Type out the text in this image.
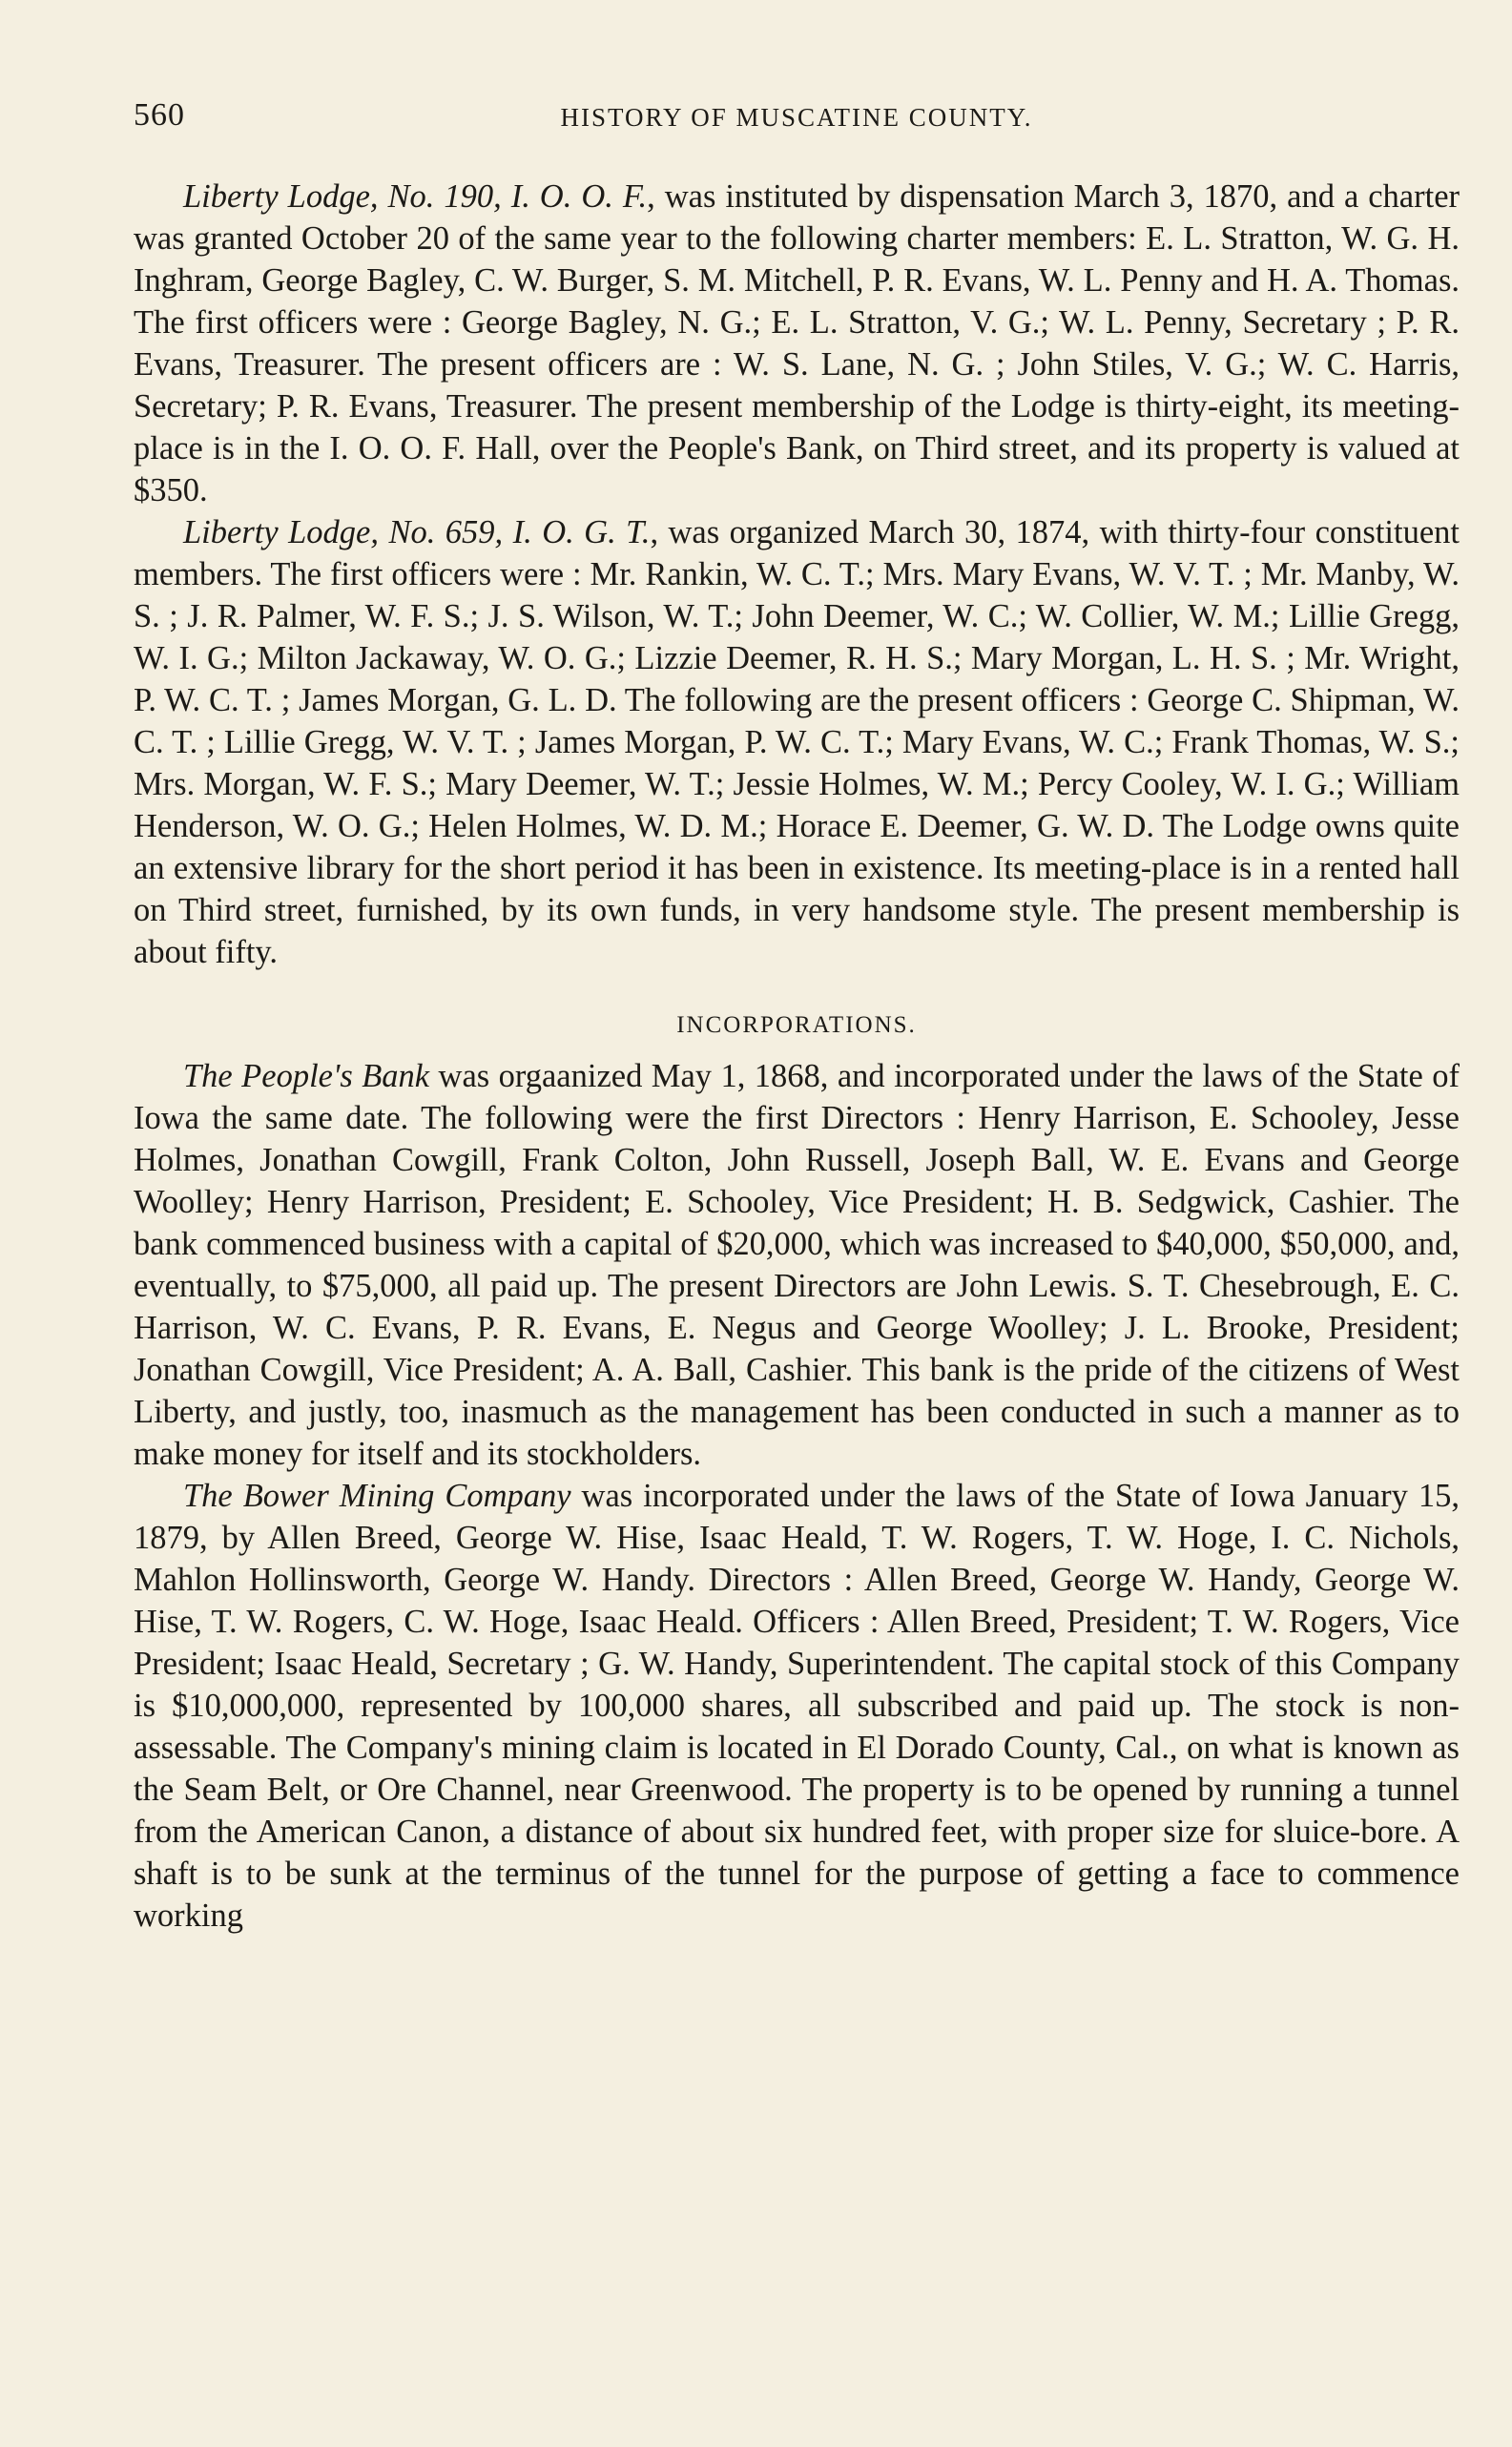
560	HISTORY OF MUSCATINE COUNTY.

Liberty Lodge, No. 190, I. O. O. F., was instituted by dispensation March 3, 1870, and a charter was granted October 20 of the same year to the following charter members: E. L. Stratton, W. G. H. Inghram, George Bagley, C. W. Burger, S. M. Mitchell, P. R. Evans, W. L. Penny and H. A. Thomas. The first officers were : George Bagley, N. G.; E. L. Stratton, V. G.; W. L. Penny, Secretary ; P. R. Evans, Treasurer. The present officers are : W. S. Lane, N. G. ; John Stiles, V. G.; W. C. Harris, Secretary; P. R. Evans, Treasurer. The present membership of the Lodge is thirty-eight, its meeting-place is in the I. O. O. F. Hall, over the People's Bank, on Third street, and its property is valued at $350.

Liberty Lodge, No. 659, I. O. G. T., was organized March 30, 1874, with thirty-four constituent members. The first officers were : Mr. Rankin, W. C. T.; Mrs. Mary Evans, W. V. T. ; Mr. Manby, W. S. ; J. R. Palmer, W. F. S.; J. S. Wilson, W. T.; John Deemer, W. C.; W. Collier, W. M.; Lillie Gregg, W. I. G.; Milton Jackaway, W. O. G.; Lizzie Deemer, R. H. S.; Mary Morgan, L. H. S. ; Mr. Wright, P. W. C. T. ; James Morgan, G. L. D. The following are the present officers : George C. Shipman, W. C. T. ; Lillie Gregg, W. V. T. ; James Morgan, P. W. C. T.; Mary Evans, W. C.; Frank Thomas, W. S.; Mrs. Morgan, W. F. S.; Mary Deemer, W. T.; Jessie Holmes, W. M.; Percy Cooley, W. I. G.; William Henderson, W. O. G.; Helen Holmes, W. D. M.; Horace E. Deemer, G. W. D. The Lodge owns quite an extensive library for the short period it has been in existence. Its meeting-place is in a rented hall on Third street, furnished, by its own funds, in very handsome style. The present membership is about fifty.

INCORPORATIONS.

The People's Bank was orgaanized May 1, 1868, and incorporated under the laws of the State of Iowa the same date. The following were the first Directors : Henry Harrison, E. Schooley, Jesse Holmes, Jonathan Cowgill, Frank Colton, John Russell, Joseph Ball, W. E. Evans and George Woolley; Henry Harrison, President; E. Schooley, Vice President; H. B. Sedgwick, Cashier. The bank commenced business with a capital of $20,000, which was increased to $40,000, $50,000, and, eventually, to $75,000, all paid up. The present Directors are John Lewis. S. T. Chesebrough, E. C. Harrison, W. C. Evans, P. R. Evans, E. Negus and George Woolley; J. L. Brooke, President; Jonathan Cowgill, Vice President; A. A. Ball, Cashier. This bank is the pride of the citizens of West Liberty, and justly, too, inasmuch as the management has been conducted in such a manner as to make money for itself and its stockholders.

The Bower Mining Company was incorporated under the laws of the State of Iowa January 15, 1879, by Allen Breed, George W. Hise, Isaac Heald, T. W. Rogers, T. W. Hoge, I. C. Nichols, Mahlon Hollinsworth, George W. Handy. Directors : Allen Breed, George W. Handy, George W. Hise, T. W. Rogers, C. W. Hoge, Isaac Heald. Officers : Allen Breed, President; T. W. Rogers, Vice President; Isaac Heald, Secretary ; G. W. Handy, Superintendent. The capital stock of this Company is $10,000,000, represented by 100,000 shares, all subscribed and paid up. The stock is non-assessable. The Company's mining claim is located in El Dorado County, Cal., on what is known as the Seam Belt, or Ore Channel, near Greenwood. The property is to be opened by running a tunnel from the American Canon, a distance of about six hundred feet, with proper size for sluice-bore. A shaft is to be sunk at the terminus of the tunnel for the purpose of getting a face to commence working
